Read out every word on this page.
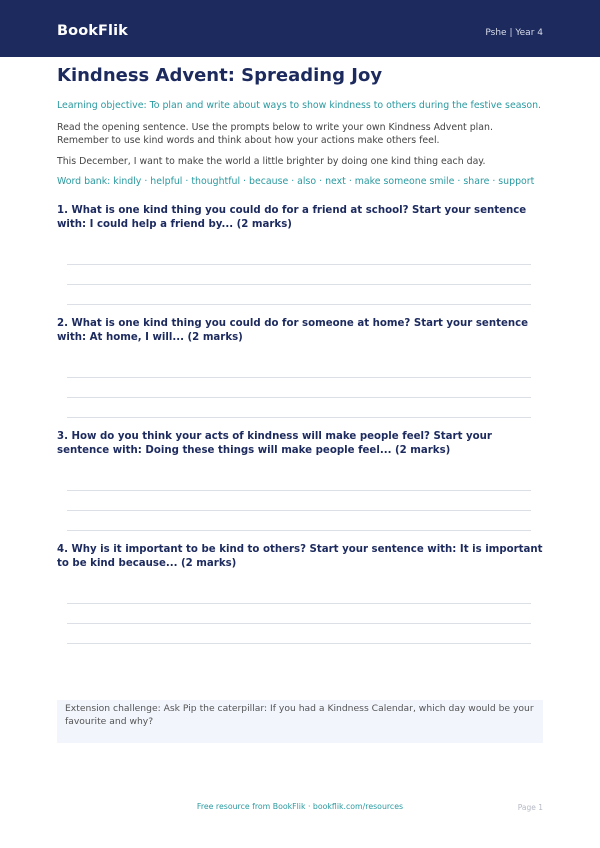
BookFlik	Pshe | Year 4
Kindness Advent: Spreading Joy
Learning objective: To plan and write about ways to show kindness to others during the festive season.
Read the opening sentence. Use the prompts below to write your own Kindness Advent plan. Remember to use kind words and think about how your actions make others feel.
This December, I want to make the world a little brighter by doing one kind thing each day.
Word bank: kindly · helpful · thoughtful · because · also · next · make someone smile · share · support
1. What is one kind thing you could do for a friend at school? Start your sentence with: I could help a friend by... (2 marks)
2. What is one kind thing you could do for someone at home? Start your sentence with: At home, I will... (2 marks)
3. How do you think your acts of kindness will make people feel? Start your sentence with: Doing these things will make people feel... (2 marks)
4. Why is it important to be kind to others? Start your sentence with: It is important to be kind because... (2 marks)
Extension challenge: Ask Pip the caterpillar: If you had a Kindness Calendar, which day would be your favourite and why?
Free resource from BookFlik · bookflik.com/resources	Page 1
